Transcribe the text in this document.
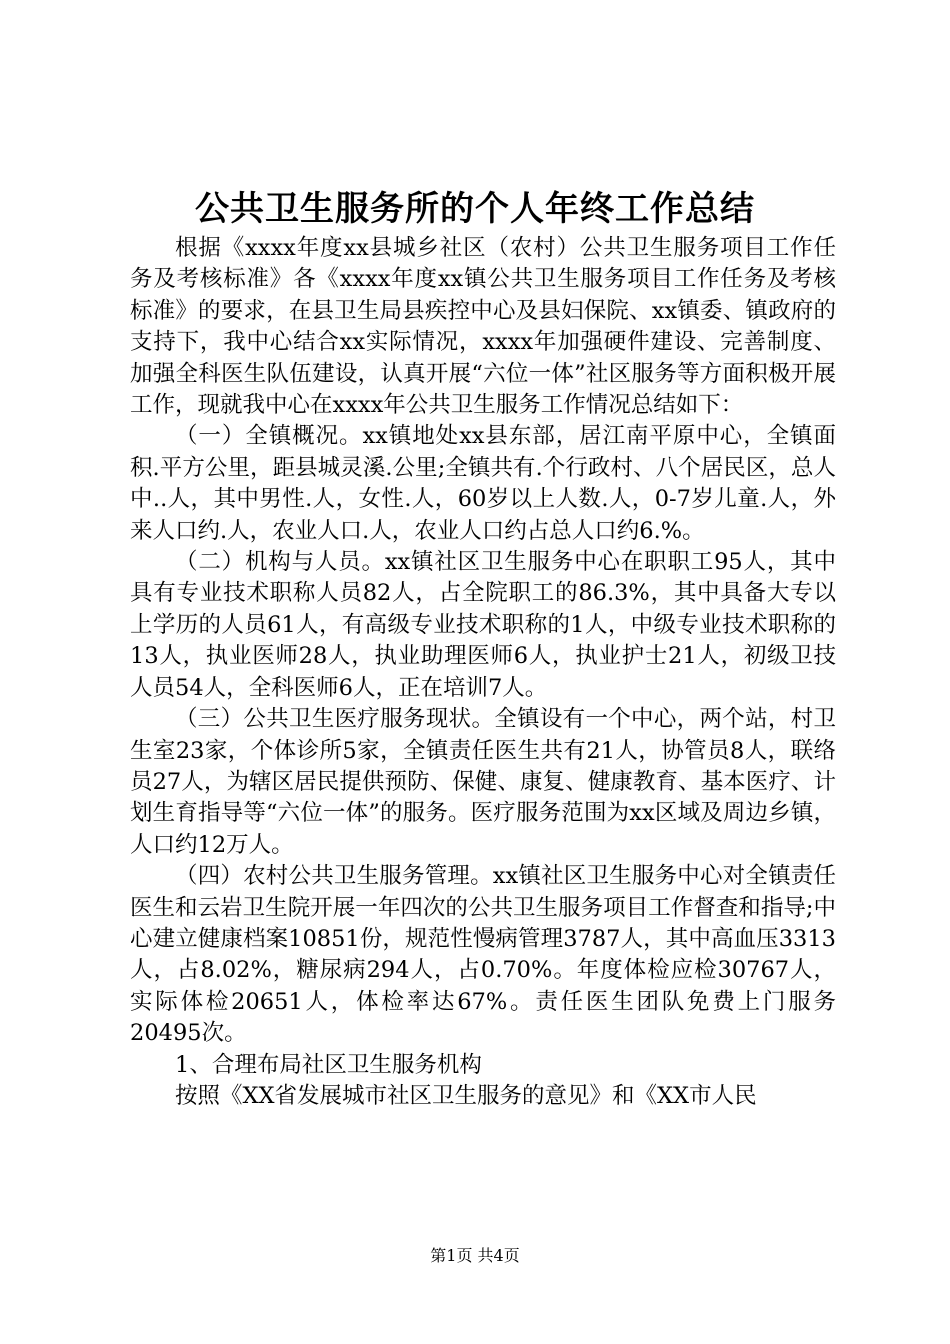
公共卫生服务所的个人年终工作总结

根据《xxxx年度xx县城乡社区（农村）公共卫生服务项目工作任务及考核标准》各《xxxx年度xx镇公共卫生服务项目工作任务及考核标准》的要求，在县卫生局县疾控中心及县妇保院、xx镇委、镇政府的支持下，我中心结合xx实际情况，xxxx年加强硬件建设、完善制度、加强全科医生队伍建设，认真开展“六位一体”社区服务等方面积极开展工作，现就我中心在xxxx年公共卫生服务工作情况总结如下：

（一）全镇概况。xx镇地处xx县东部，居江南平原中心，全镇面积.平方公里，距县城灵溪.公里;全镇共有.个行政村、八个居民区，总人中..人，其中男性.人，女性.人，60岁以上人数.人，0-7岁儿童.人，外来人口约.人，农业人口.人，农业人口约占总人口约6.%。

（二）机构与人员。xx镇社区卫生服务中心在职职工95人，其中具有专业技术职称人员82人，占全院职工的86.3%，其中具备大专以上学历的人员61人，有高级专业技术职称的1人，中级专业技术职称的13人，执业医师28人，执业助理医师6人，执业护士21人，初级卫技人员54人，全科医师6人，正在培训7人。

（三）公共卫生医疗服务现状。全镇设有一个中心，两个站，村卫生室23家，个体诊所5家，全镇责任医生共有21人，协管员8人，联络员27人，为辖区居民提供预防、保健、康复、健康教育、基本医疗、计划生育指导等“六位一体”的服务。医疗服务范围为xx区域及周边乡镇，人口约12万人。

（四）农村公共卫生服务管理。xx镇社区卫生服务中心对全镇责任医生和云岩卫生院开展一年四次的公共卫生服务项目工作督查和指导;中心建立健康档案10851份，规范性慢病管理3787人，其中高血压3313人，占8.02%，糖尿病294人，占0.70%。年度体检应检30767人，实际体检20651人，体检率达67%。责任医生团队免费上门服务20495次。

1、合理布局社区卫生服务机构

按照《XX省发展城市社区卫生服务的意见》和《XX市人民

第1页 共4页
